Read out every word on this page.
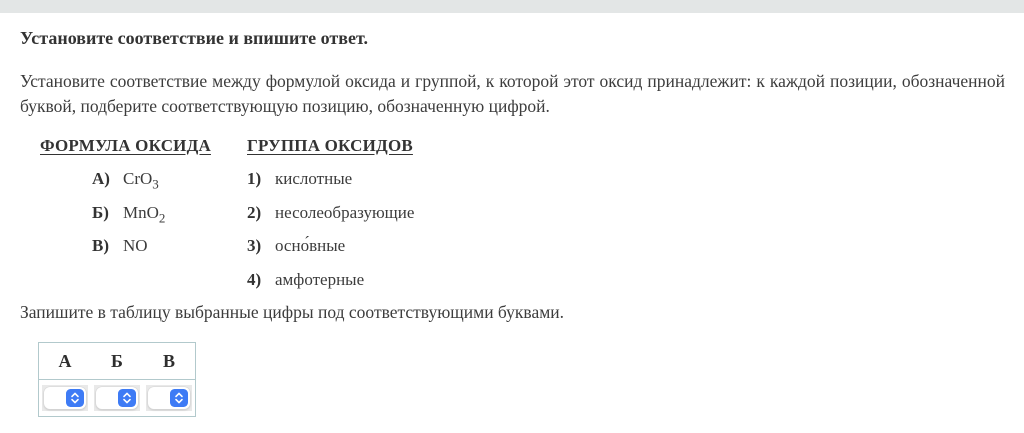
Установите соответствие и впишите ответ.
Установите соответствие между формулой оксида и группой, к которой этот оксид принадлежит: к каждой позиции, обозначенной буквой, подберите соответствующую позицию, обозначенную цифрой.
ФОРМУЛА ОКСИДА
А) CrO$_3$
Б) MnO$_2$
В) NO
ГРУППА ОКСИДОВ
1) кислотные
2) несолеобразующие
3) осно́вные
4) амфотерные
Запишите в таблицу выбранные цифры под соответствующими буквами.
А	Б	В
